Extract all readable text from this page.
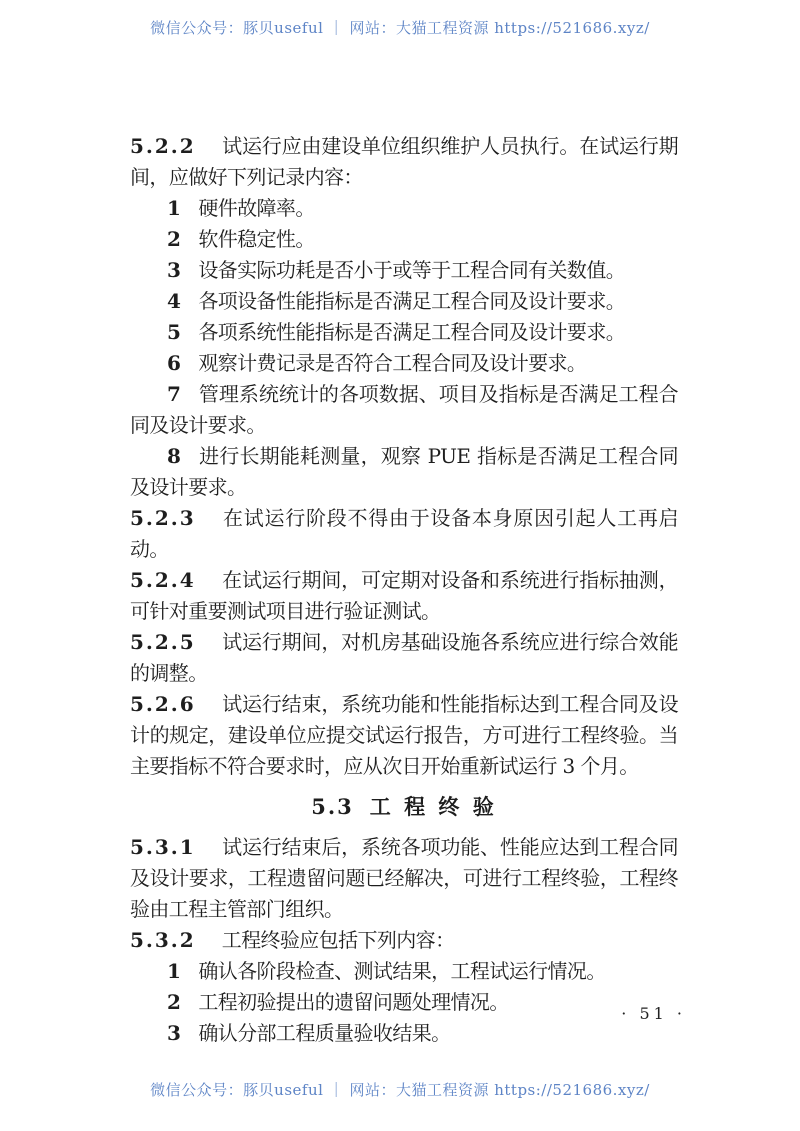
微信公众号：豚贝useful ｜ 网站：大猫工程资源 https://521686.xyz/

5.2.2 试运行应由建设单位组织维护人员执行。在试运行期间，应做好下列记录内容：

1 硬件故障率。

2 软件稳定性。

3 设备实际功耗是否小于或等于工程合同有关数值。

4 各项设备性能指标是否满足工程合同及设计要求。

5 各项系统性能指标是否满足工程合同及设计要求。

6 观察计费记录是否符合工程合同及设计要求。

7 管理系统统计的各项数据、项目及指标是否满足工程合同及设计要求。

8 进行长期能耗测量，观察 PUE 指标是否满足工程合同及设计要求。

5.2.3 在试运行阶段不得由于设备本身原因引起人工再启动。

5.2.4 在试运行期间，可定期对设备和系统进行指标抽测，可针对重要测试项目进行验证测试。

5.2.5 试运行期间，对机房基础设施各系统应进行综合效能的调整。

5.2.6 试运行结束，系统功能和性能指标达到工程合同及设计的规定，建设单位应提交试运行报告，方可进行工程终验。当主要指标不符合要求时，应从次日开始重新试运行 3 个月。

5.3 工 程 终 验

5.3.1 试运行结束后，系统各项功能、性能应达到工程合同及设计要求，工程遗留问题已经解决，可进行工程终验，工程终验由工程主管部门组织。

5.3.2 工程终验应包括下列内容：

1 确认各阶段检查、测试结果，工程试运行情况。

2 工程初验提出的遗留问题处理情况。

3 确认分部工程质量验收结果。

· 51 ·
微信公众号：豚贝useful ｜ 网站：大猫工程资源 https://521686.xyz/
